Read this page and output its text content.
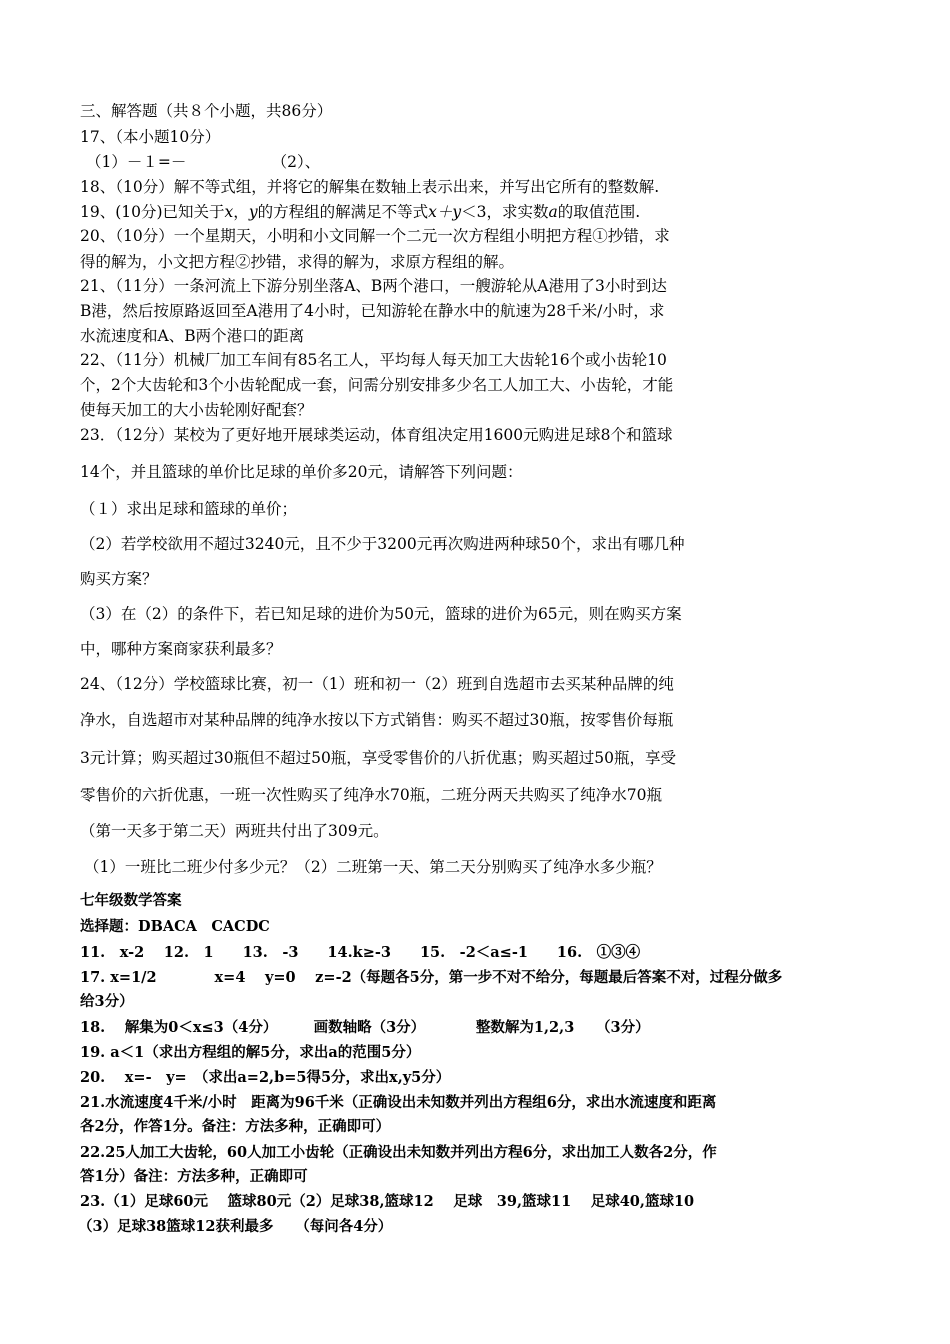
三、解答题（共８个小题，共86分）
17、（本小题10分）
（1）－１=－　　　　　　（2）、
18、（10分）解不等式组，并将它的解集在数轴上表示出来，并写出它所有的整数解.
19、(10分)已知关于x，y的方程组的解满足不等式x＋y＜3，求实数a的取值范围.
20、（10分）一个星期天，小明和小文同解一个二元一次方程组小明把方程①抄错，求
得的解为，小文把方程②抄错，求得的解为，求原方程组的解。
21、（11分）一条河流上下游分别坐落A、B两个港口，一艘游轮从A港用了3小时到达
B港，然后按原路返回至A港用了4小时，已知游轮在静水中的航速为28千米/小时，求
水流速度和A、B两个港口的距离
22、（11分）机械厂加工车间有85名工人，平均每人每天加工大齿轮16个或小齿轮10
个，2个大齿轮和3个小齿轮配成一套，问需分别安排多少名工人加工大、小齿轮，才能
使每天加工的大小齿轮刚好配套？
23．（12分）某校为了更好地开展球类运动，体育组决定用1600元购进足球8个和篮球
14个，并且篮球的单价比足球的单价多20元，请解答下列问题：
（１）求出足球和篮球的单价；
（2）若学校欲用不超过3240元，且不少于3200元再次购进两种球50个，求出有哪几种
购买方案？
（3）在（2）的条件下，若已知足球的进价为50元，篮球的进价为65元，则在购买方案
中，哪种方案商家获利最多？
24、（12分）学校篮球比赛，初一（1）班和初一（2）班到自选超市去买某种品牌的纯
净水，自选超市对某种品牌的纯净水按以下方式销售：购买不超过30瓶，按零售价每瓶
3元计算；购买超过30瓶但不超过50瓶，享受零售价的八折优惠；购买超过50瓶，享受
零售价的六折优惠，一班一次性购买了纯净水70瓶，二班分两天共购买了纯净水70瓶
（第一天多于第二天）两班共付出了309元。
（1）一班比二班少付多少元？（2）二班第一天、第二天分别购买了纯净水多少瓶？
七年级数学答案
选择题：DBACA　CACDC
11.　x-2　 12.　1　　13.　-3　　14.k≥-3　　15.　-2＜a≤-1　　16.　①③④
17. x=1/2　　　　x=4　 y=0　 z=-2（每题各5分，第一步不对不给分，每题最后答案不对，过程分做多
给3分）
18.　 解集为0＜x≤3（4分）　　　画数轴略（3分）　　　　整数解为1,2,3　　（3分）
19. a＜1（求出方程组的解5分，求出a的范围5分）
20.　 x=-　y=　（求出a=2,b=5得5分，求出x,y5分）
21.水流速度4千米/小时　距离为96千米（正确设出未知数并列出方程组6分，求出水流速度和距离
各2分，作答1分。备注：方法多种，正确即可）
22.25人加工大齿轮，60人加工小齿轮（正确设出未知数并列出方程6分，求出加工人数各2分，作
答1分）备注：方法多种，正确即可
23.（1）足球60元　 篮球80元（2）足球38,篮球12　 足球　39,篮球11　 足球40,篮球10
（3）足球38篮球12获利最多　　（每问各4分）
